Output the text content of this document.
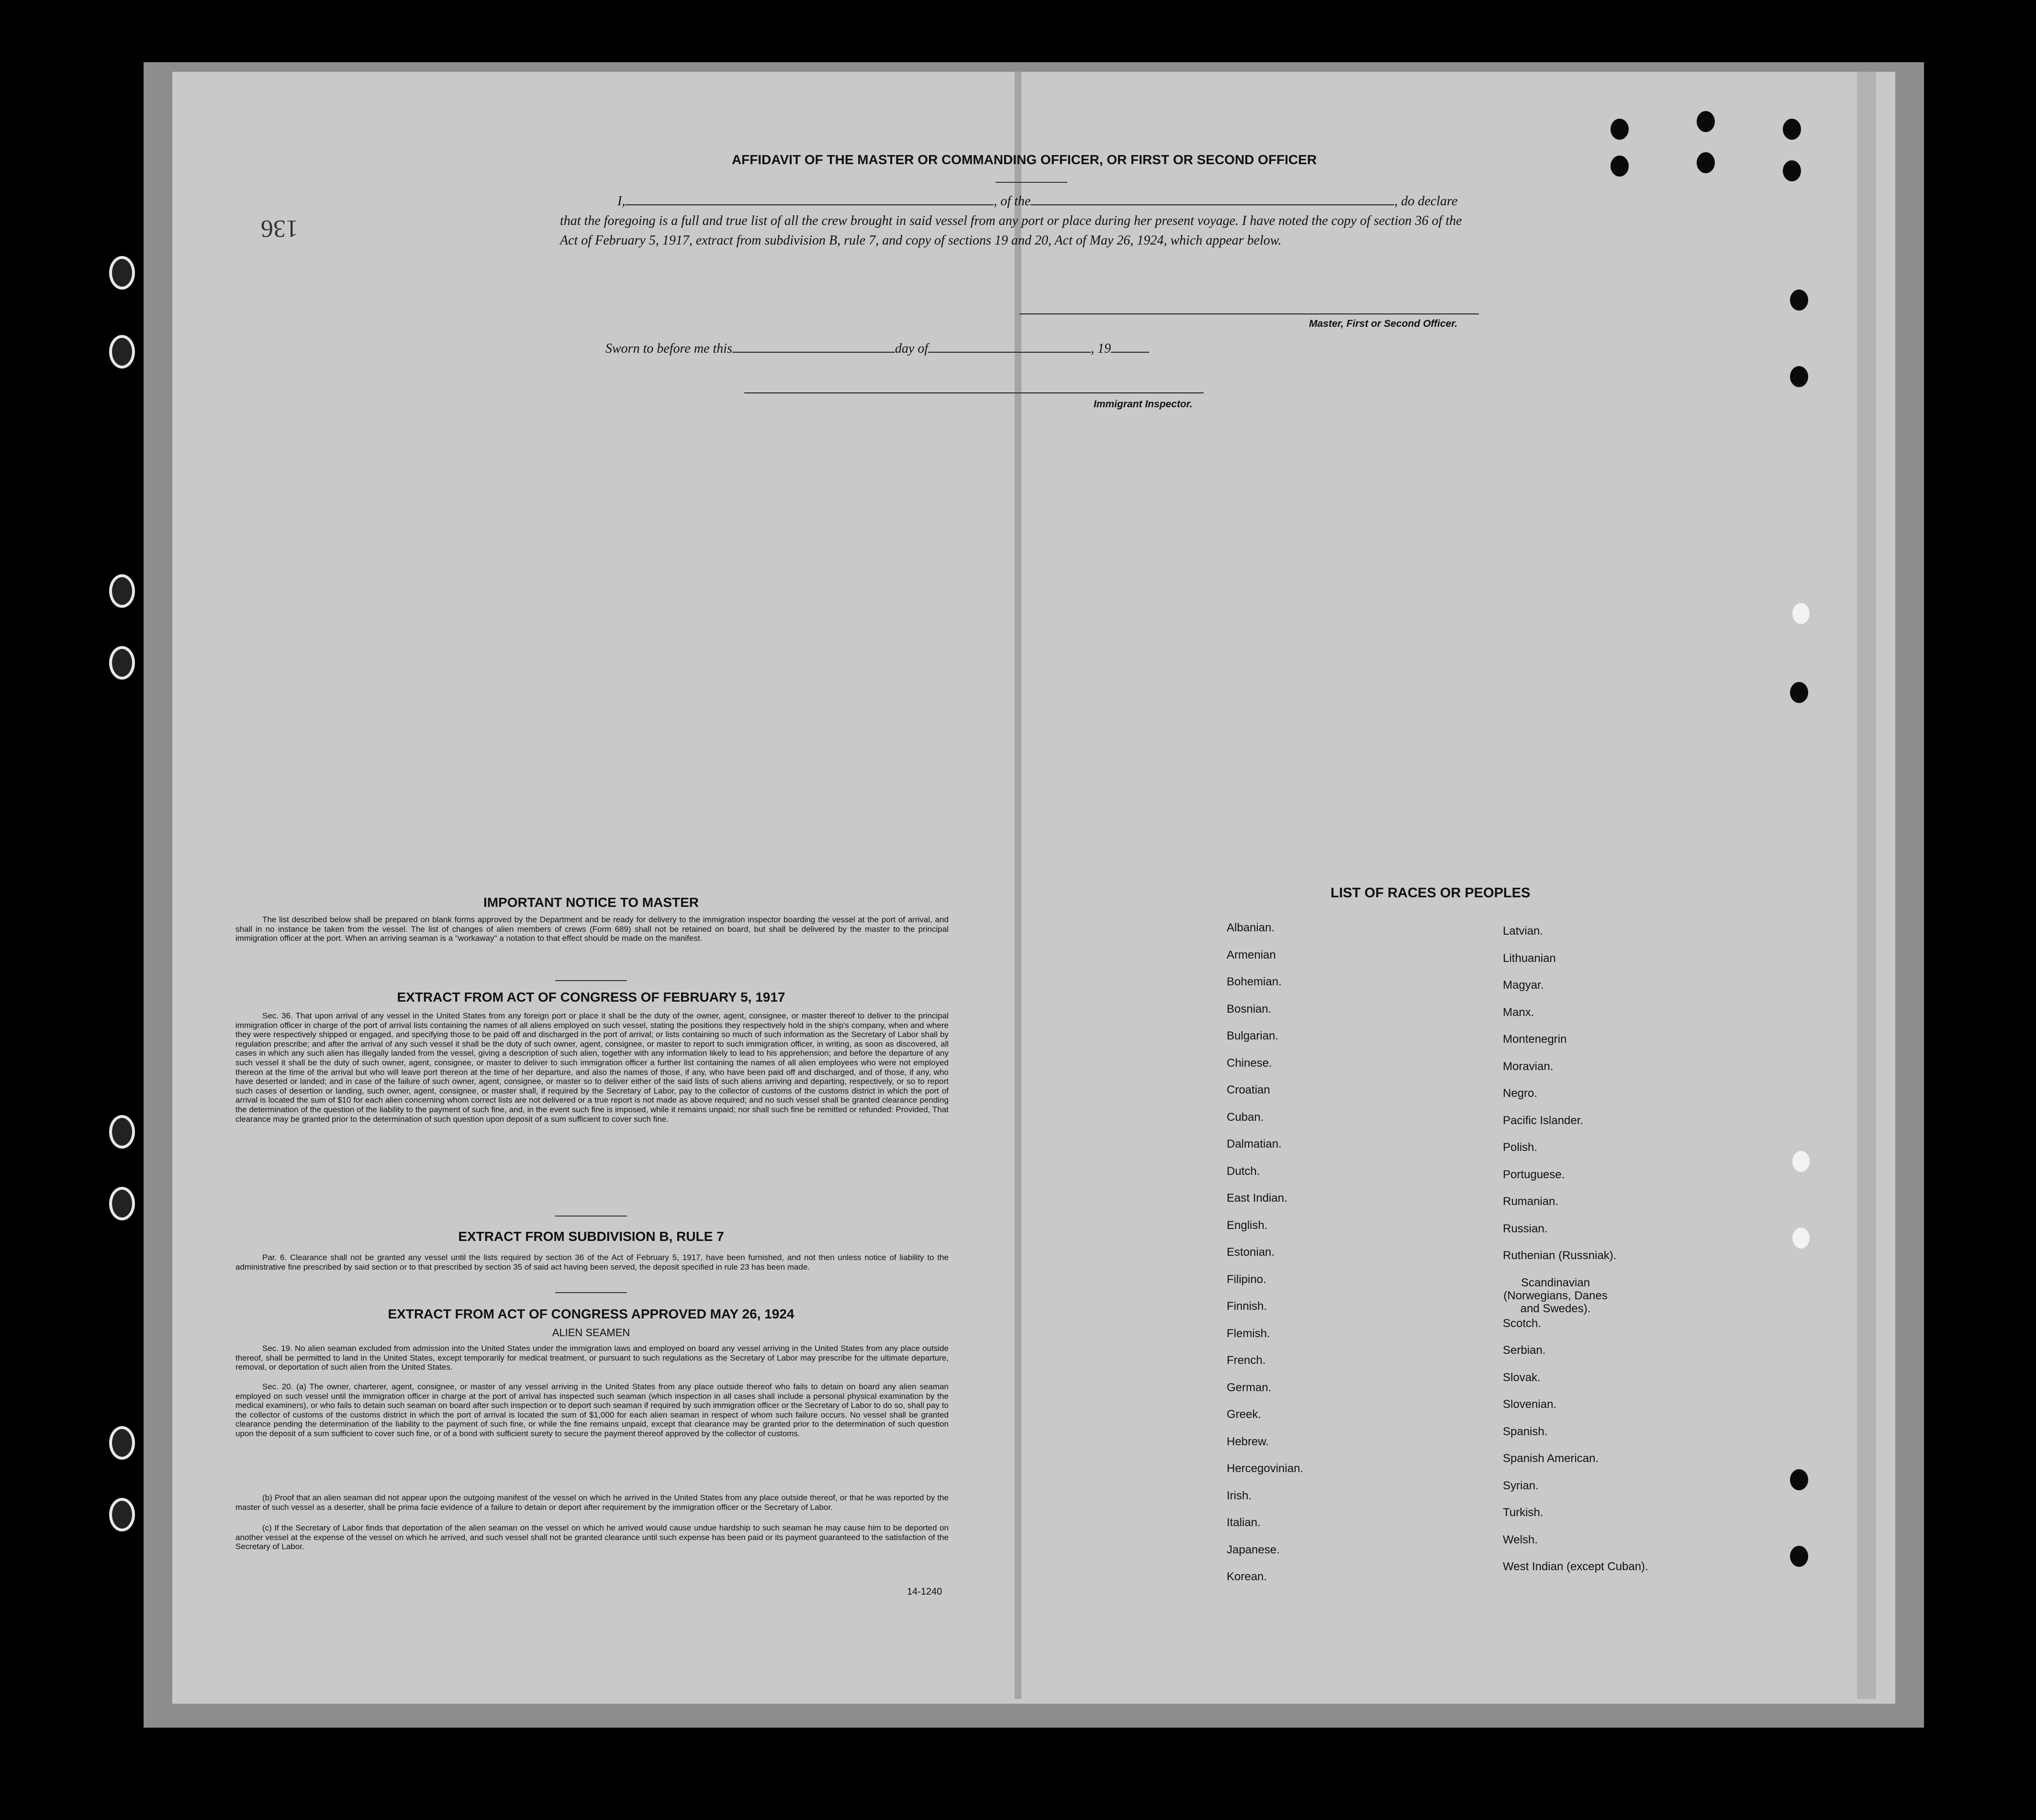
136
AFFIDAVIT OF THE MASTER OR COMMANDING OFFICER, OR FIRST OR SECOND OFFICER
I,	, of the	, do declare
that the foregoing is a full and true list of all the crew brought in said vessel from any port or place during her present voyage. I have noted the copy of section 36 of the Act of February 5, 1917, extract from subdivision B, rule 7, and copy of sections 19 and 20, Act of May 26, 1924, which appear below.
Master, First or Second Officer.
Sworn to before me this	day of	, 19
Immigrant Inspector.
IMPORTANT NOTICE TO MASTER
The list described below shall be prepared on blank forms approved by the Department and be ready for delivery to the immigration inspector boarding the vessel at the port of arrival, and shall in no instance be taken from the vessel. The list of changes of alien members of crews (Form 689) shall not be retained on board, but shall be delivered by the master to the principal immigration officer at the port. When an arriving seaman is a "workaway" a notation to that effect should be made on the manifest.
EXTRACT FROM ACT OF CONGRESS OF FEBRUARY 5, 1917
Sec. 36. That upon arrival of any vessel in the United States from any foreign port or place it shall be the duty of the owner, agent, consignee, or master thereof to deliver to the principal immigration officer in charge of the port of arrival lists containing the names of all aliens employed on such vessel, stating the positions they respectively hold in the ship's company, when and where they were respectively shipped or engaged, and specifying those to be paid off and discharged in the port of arrival; or lists containing so much of such information as the Secretary of Labor shall by regulation prescribe; and after the arrival of any such vessel it shall be the duty of such owner, agent, consignee, or master to report to such immigration officer, in writing, as soon as discovered, all cases in which any such alien has illegally landed from the vessel, giving a description of such alien, together with any information likely to lead to his apprehension; and before the departure of any such vessel it shall be the duty of such owner, agent, consignee, or master to deliver to such immigration officer a further list containing the names of all alien employees who were not employed thereon at the time of the arrival but who will leave port thereon at the time of her departure, and also the names of those, if any, who have been paid off and discharged, and of those, if any, who have deserted or landed; and in case of the failure of such owner, agent, consignee, or master so to deliver either of the said lists of such aliens arriving and departing, respectively, or so to report such cases of desertion or landing, such owner, agent, consignee, or master shall, if required by the Secretary of Labor, pay to the collector of customs of the customs district in which the port of arrival is located the sum of $10 for each alien concerning whom correct lists are not delivered or a true report is not made as above required; and no such vessel shall be granted clearance pending the determination of the question of the liability to the payment of such fine, and, in the event such fine is imposed, while it remains unpaid; nor shall such fine be remitted or refunded: Provided, That clearance may be granted prior to the determination of such question upon deposit of a sum sufficient to cover such fine.
EXTRACT FROM SUBDIVISION B, RULE 7
Par. 6. Clearance shall not be granted any vessel until the lists required by section 36 of the Act of February 5, 1917, have been furnished, and not then unless notice of liability to the administrative fine prescribed by said section or to that prescribed by section 35 of said act having been served, the deposit specified in rule 23 has been made.
EXTRACT FROM ACT OF CONGRESS APPROVED MAY 26, 1924
ALIEN SEAMEN
Sec. 19. No alien seaman excluded from admission into the United States under the immigration laws and employed on board any vessel arriving in the United States from any place outside thereof, shall be permitted to land in the United States, except temporarily for medical treatment, or pursuant to such regulations as the Secretary of Labor may prescribe for the ultimate departure, removal, or deportation of such alien from the United States.
Sec. 20. (a) The owner, charterer, agent, consignee, or master of any vessel arriving in the United States from any place outside thereof who fails to detain on board any alien seaman employed on such vessel until the immigration officer in charge at the port of arrival has inspected such seaman (which inspection in all cases shall include a personal physical examination by the medical examiners), or who fails to detain such seaman on board after such inspection or to deport such seaman if required by such immigration officer or the Secretary of Labor to do so, shall pay to the collector of customs of the customs district in which the port of arrival is located the sum of $1,000 for each alien seaman in respect of whom such failure occurs. No vessel shall be granted clearance pending the determination of the liability to the payment of such fine, or while the fine remains unpaid, except that clearance may be granted prior to the determination of such question upon the deposit of a sum sufficient to cover such fine, or of a bond with sufficient surety to secure the payment thereof approved by the collector of customs.
(b) Proof that an alien seaman did not appear upon the outgoing manifest of the vessel on which he arrived in the United States from any place outside thereof, or that he was reported by the master of such vessel as a deserter, shall be prima facie evidence of a failure to detain or deport after requirement by the immigration officer or the Secretary of Labor.
(c) If the Secretary of Labor finds that deportation of the alien seaman on the vessel on which he arrived would cause undue hardship to such seaman he may cause him to be deported on another vessel at the expense of the vessel on which he arrived, and such vessel shall not be granted clearance until such expense has been paid or its payment guaranteed to the satisfaction of the Secretary of Labor.
14-1240
LIST OF RACES OR PEOPLES
Albanian.
Armenian
Bohemian.
Bosnian.
Bulgarian.
Chinese.
Croatian
Cuban.
Dalmatian.
Dutch.
East Indian.
English.
Estonian.
Filipino.
Finnish.
Flemish.
French.
German.
Greek.
Hebrew.
Hercegovinian.
Irish.
Italian.
Japanese.
Korean.
Latvian.
Lithuanian
Magyar.
Manx.
Montenegrin
Moravian.
Negro.
Pacific Islander.
Polish.
Portuguese.
Rumanian.
Russian.
Ruthenian (Russniak).
Scandinavian (Norwegians, Danes and Swedes).
Scotch.
Serbian.
Slovak.
Slovenian.
Spanish.
Spanish American.
Syrian.
Turkish.
Welsh.
West Indian (except Cuban).
